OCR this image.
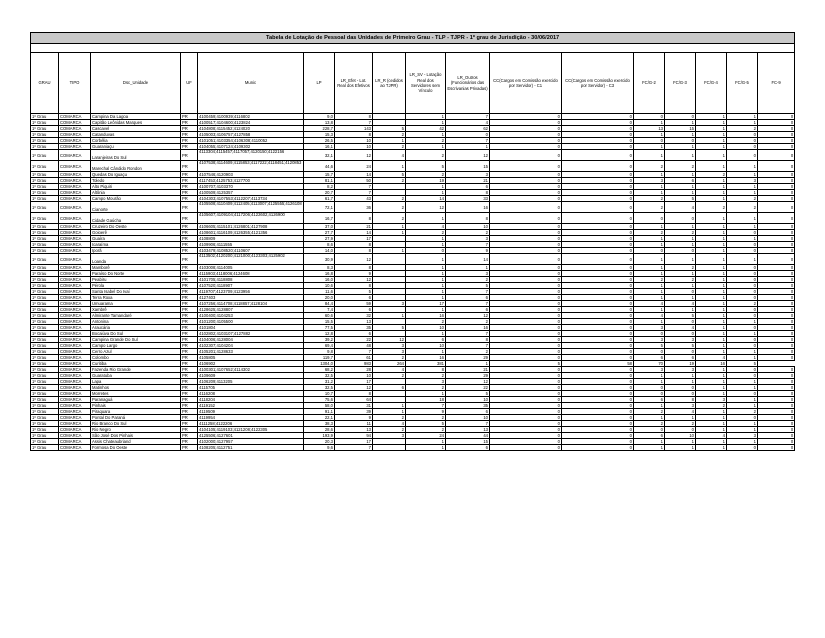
Tabela de Lotação de Pessoal das Unidades de Primeiro Grau - TLP - TJPR - 1º grau de Jurisdição - 30/06/2017																

GRAU	TIPO	Dsc_Unidade	UF	Munic	LP	LR_Efet - Lot. Real dos Efetivos	LR_R (cedidos ao TJPR)	LR_SV - Lotação Real dos Servidores sem Vínculo	LR_Outros (Funcionários das Escrivanias Privadas)	CC(Cargos em Comissão exercido por Servidor) - C1	CC(Cargos em Comissão exercido por Servidor) - C3	FC/G-2	FC/G-3	FC/G-4	FC/G-5	FC-9
1º Grau	COMARCA	Campina Da Lagoa	PR	4100459;4100939;4116802	9,0	8		1	7	0	0	0	0	1	1	0
1º Grau	COMARCA	Capitão Leônidas Marques	PR	4100517;4104600;4123824	13,8	7		1	4	0	0	1	1	1	1	0
1º Grau	COMARCA	Cascavel	PR	4104808;4115452;4124020	228,7	143	5	42	62	0	0	13	15	1	2	0
1º Grau	COMARCA	Catanduvas	PR	4105003;4106757;4127858	15,3	8	2	1	0	0	0	1	1	1	0	0
1º Grau	COMARCA	Corbélia	PR	4101051;4103354;4106308;4110052	26,5	10	1	2	7	0	0	0	0	1	0	0
1º Grau	COMARCA	Guaraniaçu	PR	4104055;4107124;4109302	16,1	10	2	1	1	0	0	1	1	1	0	0
1º Grau	COMARCA	Laranjeiras Do Sul	PR	4113304;4115457;4117057;4120150;4122156	32,1	12	4	2	12	0	0	1	1	1	0	0
1º Grau	COMARCA	Marechal Cândido Rondon	PR	4107538;4114609;4115853;4117222;4118451;4120853	44,6	24	1	5	15	0	0	2	2	1	1	0
1º Grau	COMARCA	Quedas Do Iguaçu	PR	4107546;4120903	15,7	14	5	2	3	0	0	1	1	2	1	0
1º Grau	COMARCA	Toledo	PR	4117453;4125753;4127700	81,1	50	2	19	21	0	0	3	6	1	3	0
1º Grau	COMARCA	Alto Piquiri	PR	4100707;4103370	8,2	7		1	6	0	0	1	1	1	1	0
1º Grau	COMARCA	Altônia	PR	4100509;4125357	20,7	7		1	8	0	0	1	1	1	1	0
1º Grau	COMARCA	Campo Mourão	PR	4104303;4107553;4112207;4113734	61,7	43	2	14	33	0	0	2	5	1	2	0
1º Grau	COMARCA	Cianorte	PR	4105508;4110409;4112405;4113007;4125555;4126108	72,1	36	2	12	16	0	0	2	4	2	2	0
1º Grau	COMARCA	Cidade Gaúcha	PR	4105607;4109104;4117206;4122602;4126900	16,7	8	2	1	8	0	0	0	0	1	1	0
1º Grau	COMARCA	Cruzeiro Do Oeste	PR	4106605;4115101;4126801;4127908	37,0	21	1	4	10	0	0	1	1	1	1	0
1º Grau	COMARCA	Goioerê	PR	4108601;4116109;4126355;4121356	27,7	14	1	2	2	0	0	2	2	1	0	0
1º Grau	COMARCA	Guaíra	PR	4108809	27,9	17		1	3	0	0	1	1	1	1	0
1º Grau	COMARCA	Icaraíma	PR	4109906;4111555	8,6	8		1	7	0	0	1	1	1	0	0
1º Grau	COMARCA	Iporã	PR	4103479;4108520;4110607	14,0	8	1	0	9	0	0	0	0	1	0	0
1º Grau	COMARCA	Loanda	PR	4113502;4120200;4121000;4123303;4125902	30,9	12		1	14	0	0	1	1	1	1	0
1º Grau	COMARCA	Mamborê	PR	4103008;4114005	8,3	8		1	1	0	0	1	2	1	0	0
1º Grau	COMARCA	Paraíso Do Norte	PR	4115903;4118006;4124608	16,8	9		1	3	0	0	1	1	1	0	0
1º Grau	COMARCA	Peabiru	PR	4101705;4118808	16,0	12		1	2	0	0	2	2	1	0	0
1º Grau	COMARCA	Pérola	PR	4107520;4118907	10,6	8		1	5	0	0	1	1	1	0	0
1º Grau	COMARCA	Santa Isabel Do Ivaí	PR	4119707;4123709;4123956	11,6	5		1	7	0	0	1	0	1	0	0
1º Grau	COMARCA	Terra Roxa	PR	4127403	20,0	6		1	6	0	0	1	1	1	0	0
1º Grau	COMARCA	Umuarama	PR	4107256;4114708;4118857;4128104	84,4	59	3	17	7	0	0	4	4	1	2	0
1º Grau	COMARCA	Xambrê	PR	4128625;4128807	7,4	6		1	6	0	0	1	1	1	0	0
1º Grau	COMARCA	Almirante Tamandaré	PR	4100400;4104253	60,6	32	1	16	12	0	0	4	5	1	0	0
1º Grau	COMARCA	Antonina	PR	4101200;4105500	15,5	13		2	2	0	0	1	0	1	1	0
1º Grau	COMARCA	Araucária	PR	4101804	77,5	35	5	10	16	0	0	3	4	1	0	0
1º Grau	COMARCA	Bocaiúva Do Sul	PR	4102802;4103107;4127882	12,8	6		1	7	0	0	0	0	1	1	0
1º Grau	COMARCA	Campina Grande Do Sul	PR	4104006;4128004	39,2	22	12	6	8	0	0	3	3	1	0	0
1º Grau	COMARCA	Campo Largo	PR	4102307;4104204	69,4	48	3	10	7	0	0	5	5	1	0	0
1º Grau	COMARCA	Cerro Azul	PR	4105201;4128633	9,8	7	3	1	2	0	0	0	0	1	1	0
1º Grau	COMARCA	Colombo	PR	4105805	119,7	61	2	16	29	0	0	6	6	4	1	0
1º Grau	COMARCA	Curitiba	PR	4106902	1304,0	983	264	381	1	5	58	70	19	16	5	
1º Grau	COMARCA	Fazenda Rio Grande	PR	4100301;4107652;4114302	68,2	28	4	8	21	0	0	3	3	1	0	0
1º Grau	COMARCA	Guaratuba	PR	4109609	32,5	10	2	2	29	0	0	1	1	1	0	0
1º Grau	COMARCA	Lapa	PR	4106209;4113205	31,2	17		3	12	0	0	1	1	1	1	0
1º Grau	COMARCA	Matinhos	PR	4115705	32,5	12	6	2	22	0	0	0	0	1	1	0
1º Grau	COMARCA	Morretes	PR	4116208	10,7	8		1	5	0	0	0	0	1	0	0
1º Grau	COMARCA	Paranaguá	PR	4118204	75,6	64		18	10	0	0	6	8	3	1	0
1º Grau	COMARCA	Pinhais	PR	4119152	58,0	31	1	7	35	0	0	1	3	2	1	0
1º Grau	COMARCA	Piraquara	PR	4119509	91,1	39	1	9	6	0	0	2	4	1	2	0
1º Grau	COMARCA	Pontal Do Paraná	PR	4119954	22,1	9	2	2	10	0	0	1	1	1	0	0
1º Grau	COMARCA	Rio Branco Do Sul	PR	4111258;4122206	38,3	11	4	5	7	0	0	2	2	1	1	0
1º Grau	COMARCA	Rio Negro	PR	4104105;4119103;4121208;4122305	28,6	13	2	2	13	0	0	0	0	1	1	0
1º Grau	COMARCA	São José Dos Pinhais	PR	4125506;4127601	193,9	94	3	24	44	0	0	6	10	4	3	0
1º Grau	COMARCA	Assis Chateaubriand	PR	4102000;4127957	20,3	17		1	15	0	0	1	1	1	1	0
1º Grau	COMARCA	Formosa Do Oeste	PR	4108205;4112751	9,6	7		1	6	0	0	1	1	1	0	0
